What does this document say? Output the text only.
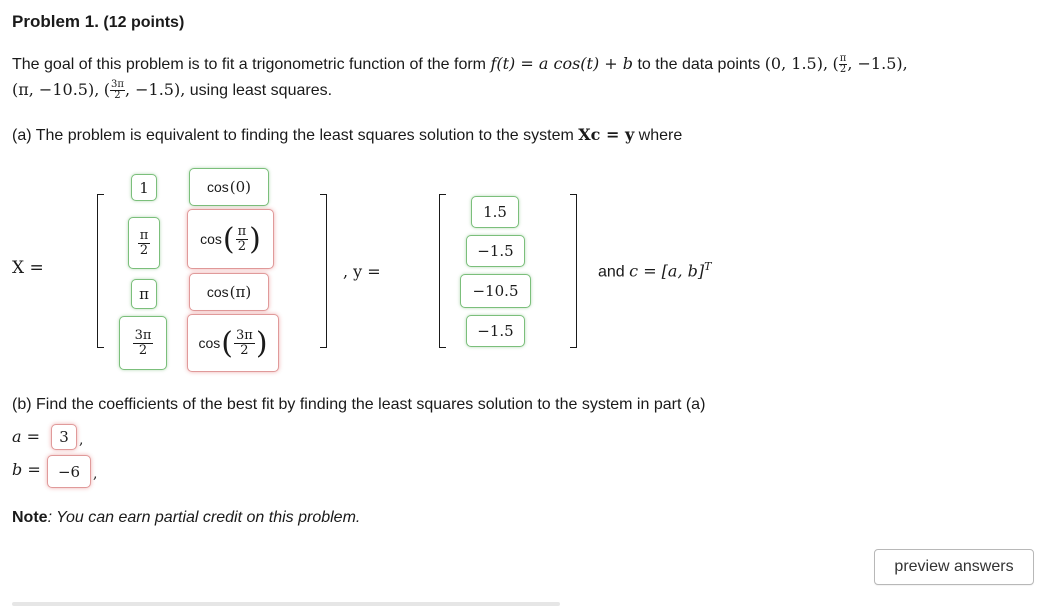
Problem 1. (12 points)
The goal of this problem is to fit a trigonometric function of the form f(t) = a cos(t) + b to the data points (0, 1.5), ( $\frac{\pi}{2}$ , −1.5),
(π, −10.5), ( $\frac{3\pi}{2}$ , −1.5), using least squares.
(a) The problem is equivalent to finding the least squares solution to the system Xc = y where
X =
1	cos (0)
$\frac{\pi}{2}$	cos ( $\frac{\pi}{2}$ )
π	cos (π)
$\frac{3\pi}{2}$	cos ( $\frac{3\pi}{2}$ )
, y =
1.5
−1.5
−10.5
−1.5
and c = [a, b]$^T$
(b) Find the coefficients of the best fit by finding the least squares solution to the system in part (a)
a = 3 ,
b = −6 ,
Note: You can earn partial credit on this problem.
preview answers
